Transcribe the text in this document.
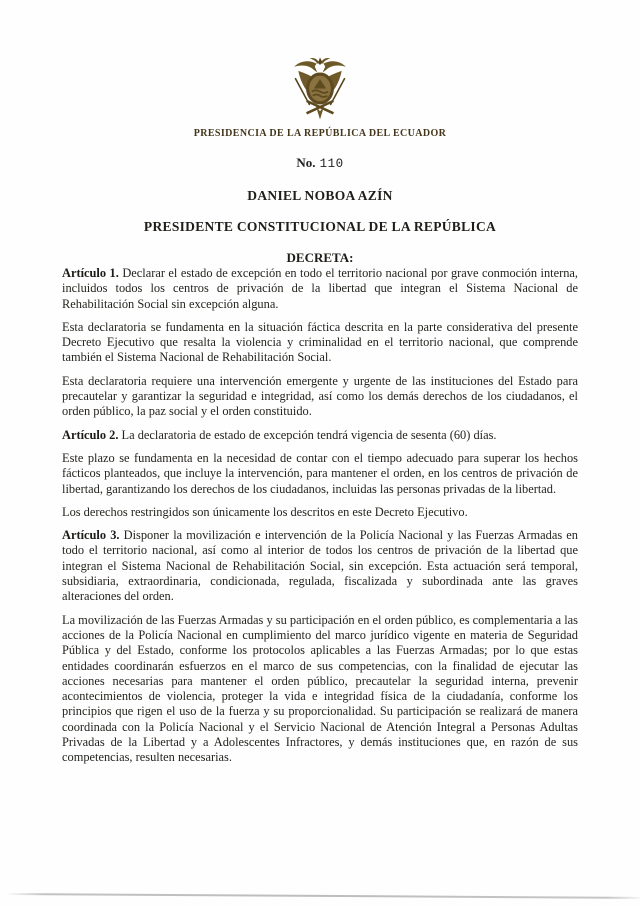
PRESIDENCIA DE LA REPÚBLICA DEL ECUADOR
No. 110
DANIEL NOBOA AZÍN
PRESIDENTE CONSTITUCIONAL DE LA REPÚBLICA
DECRETA:

Artículo 1. Declarar el estado de excepción en todo el territorio nacional por grave conmoción interna, incluidos todos los centros de privación de la libertad que integran el Sistema Nacional de Rehabilitación Social sin excepción alguna.

Esta declaratoria se fundamenta en la situación fáctica descrita en la parte considerativa del presente Decreto Ejecutivo que resalta la violencia y criminalidad en el territorio nacional, que comprende también el Sistema Nacional de Rehabilitación Social.

Esta declaratoria requiere una intervención emergente y urgente de las instituciones del Estado para precautelar y garantizar la seguridad e integridad, así como los demás derechos de los ciudadanos, el orden público, la paz social y el orden constituido.

Artículo 2. La declaratoria de estado de excepción tendrá vigencia de sesenta (60) días.

Este plazo se fundamenta en la necesidad de contar con el tiempo adecuado para superar los hechos fácticos planteados, que incluye la intervención, para mantener el orden, en los centros de privación de libertad, garantizando los derechos de los ciudadanos, incluidas las personas privadas de la libertad.

Los derechos restringidos son únicamente los descritos en este Decreto Ejecutivo.

Artículo 3. Disponer la movilización e intervención de la Policía Nacional y las Fuerzas Armadas en todo el territorio nacional, así como al interior de todos los centros de privación de la libertad que integran el Sistema Nacional de Rehabilitación Social, sin excepción. Esta actuación será temporal, subsidiaria, extraordinaria, condicionada, regulada, fiscalizada y subordinada ante las graves alteraciones del orden.

La movilización de las Fuerzas Armadas y su participación en el orden público, es complementaria a las acciones de la Policía Nacional en cumplimiento del marco jurídico vigente en materia de Seguridad Pública y del Estado, conforme los protocolos aplicables a las Fuerzas Armadas; por lo que estas entidades coordinarán esfuerzos en el marco de sus competencias, con la finalidad de ejecutar las acciones necesarias para mantener el orden público, precautelar la seguridad interna, prevenir acontecimientos de violencia, proteger la vida e integridad física de la ciudadanía, conforme los principios que rigen el uso de la fuerza y su proporcionalidad. Su participación se realizará de manera coordinada con la Policía Nacional y el Servicio Nacional de Atención Integral a Personas Adultas Privadas de la Libertad y a Adolescentes Infractores, y demás instituciones que, en razón de sus competencias, resulten necesarias.
